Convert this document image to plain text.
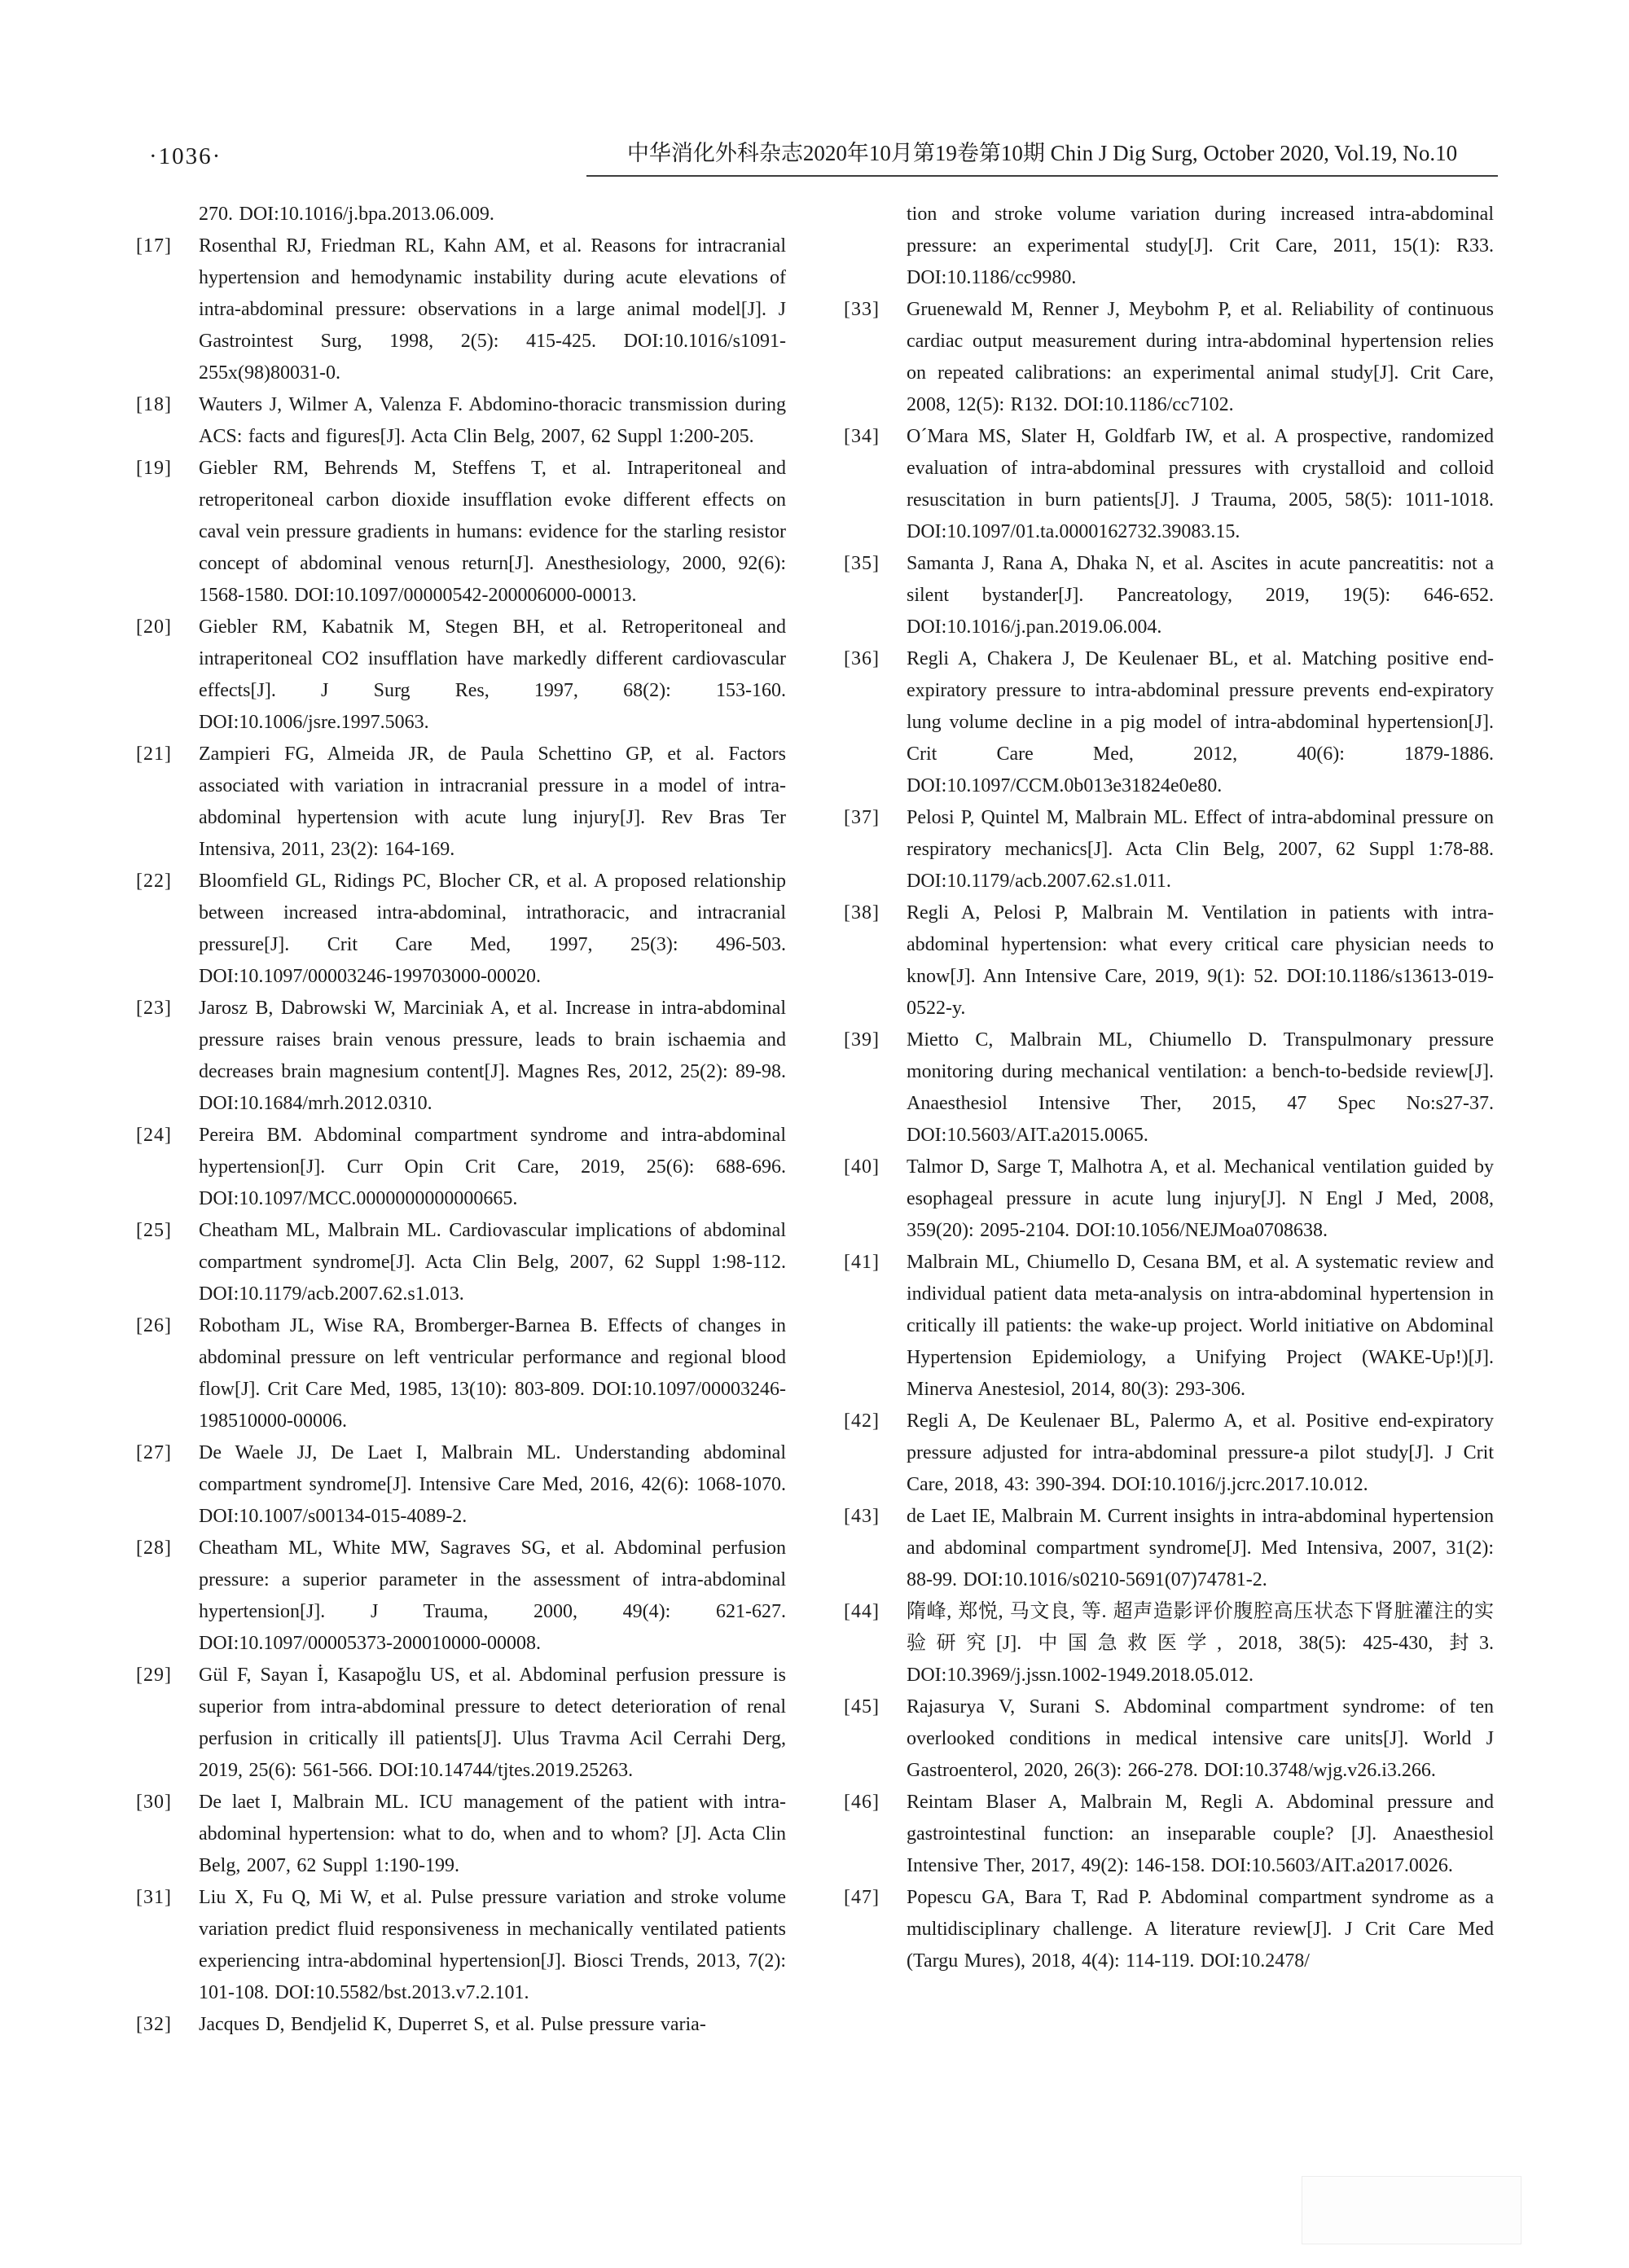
·1036·	中华消化外科杂志2020年10月第19卷第10期 Chin J Dig Surg, October 2020, Vol.19, No.10
270. DOI:10.1016/j.bpa.2013.06.009.
[17] Rosenthal RJ, Friedman RL, Kahn AM, et al. Reasons for intracranial hypertension and hemodynamic instability during acute elevations of intra-abdominal pressure: observations in a large animal model[J]. J Gastrointest Surg, 1998, 2(5): 415-425. DOI:10.1016/s1091-255x(98)80031-0.
[18] Wauters J, Wilmer A, Valenza F. Abdomino-thoracic transmission during ACS: facts and figures[J]. Acta Clin Belg, 2007, 62 Suppl 1:200-205.
[19] Giebler RM, Behrends M, Steffens T, et al. Intraperitoneal and retroperitoneal carbon dioxide insufflation evoke different effects on caval vein pressure gradients in humans: evidence for the starling resistor concept of abdominal venous return[J]. Anesthesiology, 2000, 92(6): 1568-1580. DOI:10.1097/00000542-200006000-00013.
[20] Giebler RM, Kabatnik M, Stegen BH, et al. Retroperitoneal and intraperitoneal CO2 insufflation have markedly different cardiovascular effects[J]. J Surg Res, 1997, 68(2): 153-160. DOI:10.1006/jsre.1997.5063.
[21] Zampieri FG, Almeida JR, de Paula Schettino GP, et al. Factors associated with variation in intracranial pressure in a model of intra-abdominal hypertension with acute lung injury[J]. Rev Bras Ter Intensiva, 2011, 23(2): 164-169.
[22] Bloomfield GL, Ridings PC, Blocher CR, et al. A proposed relationship between increased intra-abdominal, intrathoracic, and intracranial pressure[J]. Crit Care Med, 1997, 25(3): 496-503. DOI:10.1097/00003246-199703000-00020.
[23] Jarosz B, Dabrowski W, Marciniak A, et al. Increase in intra-abdominal pressure raises brain venous pressure, leads to brain ischaemia and decreases brain magnesium content[J]. Magnes Res, 2012, 25(2): 89-98. DOI:10.1684/mrh.2012.0310.
[24] Pereira BM. Abdominal compartment syndrome and intra-abdominal hypertension[J]. Curr Opin Crit Care, 2019, 25(6): 688-696. DOI:10.1097/MCC.0000000000000665.
[25] Cheatham ML, Malbrain ML. Cardiovascular implications of abdominal compartment syndrome[J]. Acta Clin Belg, 2007, 62 Suppl 1:98-112. DOI:10.1179/acb.2007.62.s1.013.
[26] Robotham JL, Wise RA, Bromberger-Barnea B. Effects of changes in abdominal pressure on left ventricular performance and regional blood flow[J]. Crit Care Med, 1985, 13(10): 803-809. DOI:10.1097/00003246-198510000-00006.
[27] De Waele JJ, De Laet I, Malbrain ML. Understanding abdominal compartment syndrome[J]. Intensive Care Med, 2016, 42(6): 1068-1070. DOI:10.1007/s00134-015-4089-2.
[28] Cheatham ML, White MW, Sagraves SG, et al. Abdominal perfusion pressure: a superior parameter in the assessment of intra-abdominal hypertension[J]. J Trauma, 2000, 49(4): 621-627. DOI:10.1097/00005373-200010000-00008.
[29] Gül F, Sayan İ, Kasapoğlu US, et al. Abdominal perfusion pressure is superior from intra-abdominal pressure to detect deterioration of renal perfusion in critically ill patients[J]. Ulus Travma Acil Cerrahi Derg, 2019, 25(6): 561-566. DOI:10.14744/tjtes.2019.25263.
[30] De laet I, Malbrain ML. ICU management of the patient with intra-abdominal hypertension: what to do, when and to whom? [J]. Acta Clin Belg, 2007, 62 Suppl 1:190-199.
[31] Liu X, Fu Q, Mi W, et al. Pulse pressure variation and stroke volume variation predict fluid responsiveness in mechanically ventilated patients experiencing intra-abdominal hypertension[J]. Biosci Trends, 2013, 7(2): 101-108. DOI:10.5582/bst.2013.v7.2.101.
[32] Jacques D, Bendjelid K, Duperret S, et al. Pulse pressure varia-
tion and stroke volume variation during increased intra-abdominal pressure: an experimental study[J]. Crit Care, 2011, 15(1): R33. DOI:10.1186/cc9980.
[33] Gruenewald M, Renner J, Meybohm P, et al. Reliability of continuous cardiac output measurement during intra-abdominal hypertension relies on repeated calibrations: an experimental animal study[J]. Crit Care, 2008, 12(5): R132. DOI:10.1186/cc7102.
[34] O´Mara MS, Slater H, Goldfarb IW, et al. A prospective, randomized evaluation of intra-abdominal pressures with crystalloid and colloid resuscitation in burn patients[J]. J Trauma, 2005, 58(5): 1011-1018. DOI:10.1097/01.ta.0000162732.39083.15.
[35] Samanta J, Rana A, Dhaka N, et al. Ascites in acute pancreatitis: not a silent bystander[J]. Pancreatology, 2019, 19(5): 646-652. DOI:10.1016/j.pan.2019.06.004.
[36] Regli A, Chakera J, De Keulenaer BL, et al. Matching positive end-expiratory pressure to intra-abdominal pressure prevents end-expiratory lung volume decline in a pig model of intra-abdominal hypertension[J]. Crit Care Med, 2012, 40(6): 1879-1886. DOI:10.1097/CCM.0b013e31824e0e80.
[37] Pelosi P, Quintel M, Malbrain ML. Effect of intra-abdominal pressure on respiratory mechanics[J]. Acta Clin Belg, 2007, 62 Suppl 1:78-88. DOI:10.1179/acb.2007.62.s1.011.
[38] Regli A, Pelosi P, Malbrain M. Ventilation in patients with intra-abdominal hypertension: what every critical care physician needs to know[J]. Ann Intensive Care, 2019, 9(1): 52. DOI:10.1186/s13613-019-0522-y.
[39] Mietto C, Malbrain ML, Chiumello D. Transpulmonary pressure monitoring during mechanical ventilation: a bench-to-bedside review[J]. Anaesthesiol Intensive Ther, 2015, 47 Spec No:s27-37. DOI:10.5603/AIT.a2015.0065.
[40] Talmor D, Sarge T, Malhotra A, et al. Mechanical ventilation guided by esophageal pressure in acute lung injury[J]. N Engl J Med, 2008, 359(20): 2095-2104. DOI:10.1056/NEJMoa0708638.
[41] Malbrain ML, Chiumello D, Cesana BM, et al. A systematic review and individual patient data meta-analysis on intra-abdominal hypertension in critically ill patients: the wake-up project. World initiative on Abdominal Hypertension Epidemiology, a Unifying Project (WAKE-Up!)[J]. Minerva Anestesiol, 2014, 80(3): 293-306.
[42] Regli A, De Keulenaer BL, Palermo A, et al. Positive end-expiratory pressure adjusted for intra-abdominal pressure-a pilot study[J]. J Crit Care, 2018, 43: 390-394. DOI:10.1016/j.jcrc.2017.10.012.
[43] de Laet IE, Malbrain M. Current insights in intra-abdominal hypertension and abdominal compartment syndrome[J]. Med Intensiva, 2007, 31(2): 88-99. DOI:10.1016/s0210-5691(07)74781-2.
[44] 隋峰, 郑悦, 马文良, 等. 超声造影评价腹腔高压状态下肾脏灌注的实验研究[J]. 中国急救医学, 2018, 38(5): 425-430, 封3. DOI:10.3969/j.jssn.1002-1949.2018.05.012.
[45] Rajasurya V, Surani S. Abdominal compartment syndrome: of ten overlooked conditions in medical intensive care units[J]. World J Gastroenterol, 2020, 26(3): 266-278. DOI:10.3748/wjg.v26.i3.266.
[46] Reintam Blaser A, Malbrain M, Regli A. Abdominal pressure and gastrointestinal function: an inseparable couple? [J]. Anaesthesiol Intensive Ther, 2017, 49(2): 146-158. DOI:10.5603/AIT.a2017.0026.
[47] Popescu GA, Bara T, Rad P. Abdominal compartment syndrome as a multidisciplinary challenge. A literature review[J]. J Crit Care Med (Targu Mures), 2018, 4(4): 114-119. DOI:10.2478/
